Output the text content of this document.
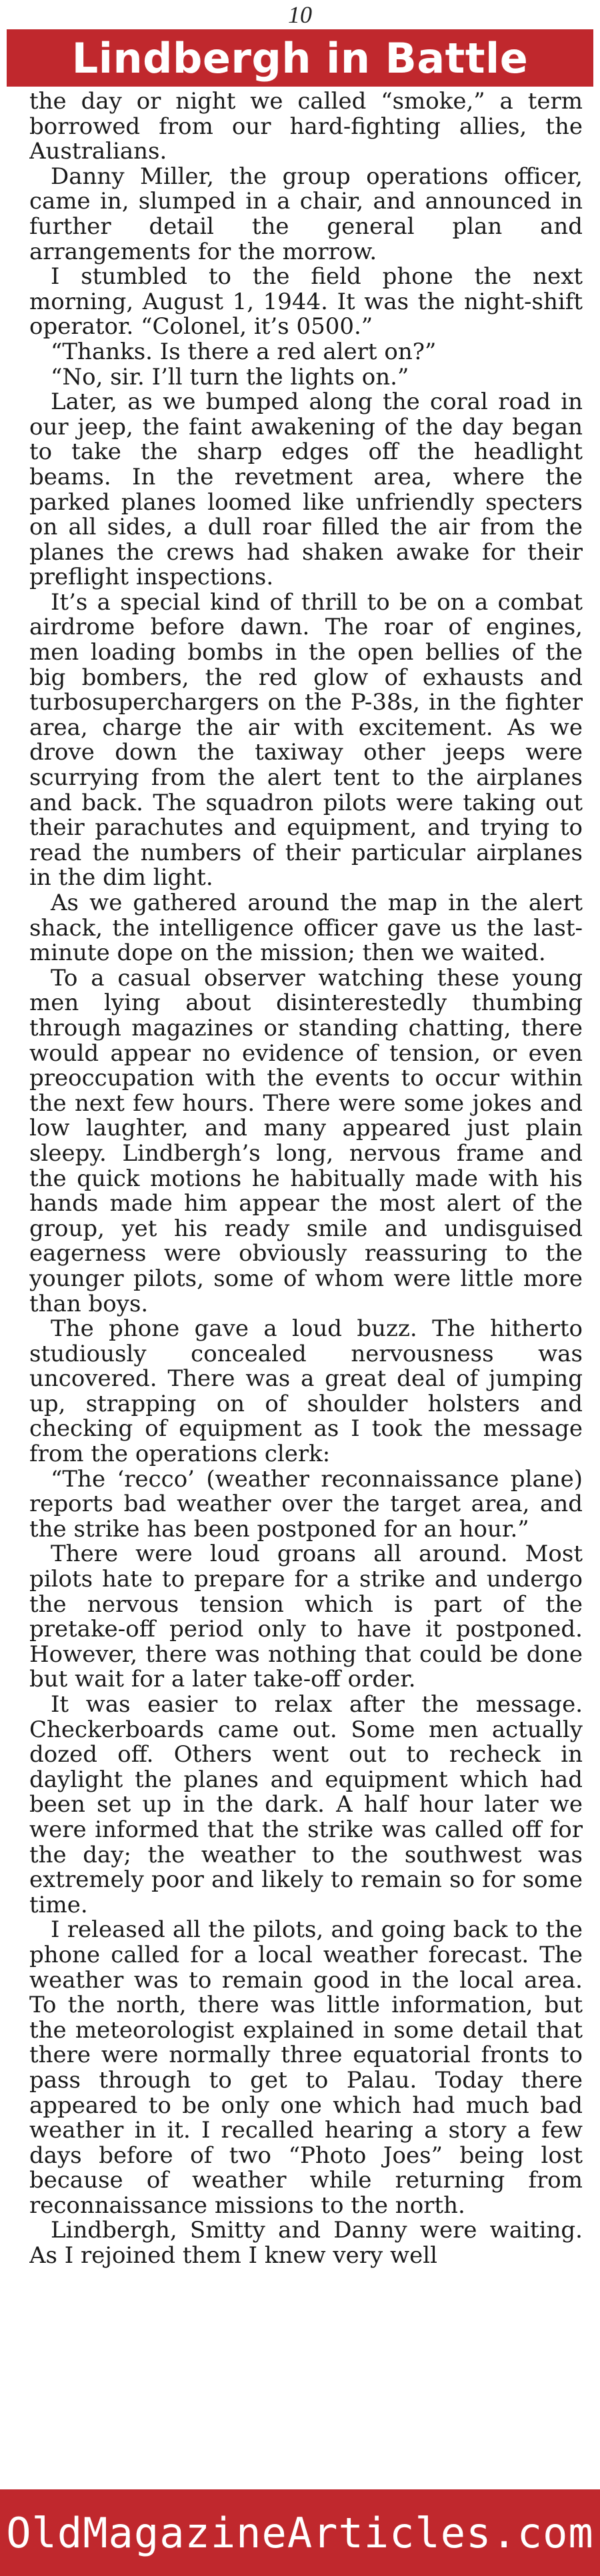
10
Lindbergh in Battle

the day or night we called “smoke,” a term borrowed from our hard-fighting allies, the Australians.

Danny Miller, the group operations officer, came in, slumped in a chair, and announced in further detail the general plan and arrangements for the morrow.

I stumbled to the field phone the next morning, August 1, 1944. It was the night-shift operator. “Colonel, it’s 0500.”

“Thanks. Is there a red alert on?”

“No, sir. I’ll turn the lights on.”

Later, as we bumped along the coral road in our jeep, the faint awakening of the day began to take the sharp edges off the headlight beams. In the revetment area, where the parked planes loomed like unfriendly specters on all sides, a dull roar filled the air from the planes the crews had shaken awake for their preflight inspections.

It’s a special kind of thrill to be on a combat airdrome before dawn. The roar of engines, men loading bombs in the open bellies of the big bombers, the red glow of exhausts and turbosuperchargers on the P-38s, in the fighter area, charge the air with excitement. As we drove down the taxiway other jeeps were scurrying from the alert tent to the airplanes and back. The squadron pilots were taking out their parachutes and equipment, and trying to read the numbers of their particular airplanes in the dim light.

As we gathered around the map in the alert shack, the intelligence officer gave us the last-minute dope on the mission; then we waited.

To a casual observer watching these young men lying about disinterestedly thumbing through magazines or standing chatting, there would appear no evidence of tension, or even preoccupation with the events to occur within the next few hours. There were some jokes and low laughter, and many appeared just plain sleepy. Lindbergh’s long, nervous frame and the quick motions he habitually made with his hands made him appear the most alert of the group, yet his ready smile and undisguised eagerness were obviously reassuring to the younger pilots, some of whom were little more than boys.

The phone gave a loud buzz. The hitherto studiously concealed nervousness was uncovered. There was a great deal of jumping up, strapping on of shoulder holsters and checking of equipment as I took the message from the operations clerk:

“The ‘recco’ (weather reconnaissance plane) reports bad weather over the target area, and the strike has been postponed for an hour.”

There were loud groans all around. Most pilots hate to prepare for a strike and undergo the nervous tension which is part of the pretake-off period only to have it postponed. However, there was nothing that could be done but wait for a later take-off order.

It was easier to relax after the message. Checkerboards came out. Some men actually dozed off. Others went out to recheck in daylight the planes and equipment which had been set up in the dark. A half hour later we were informed that the strike was called off for the day; the weather to the southwest was extremely poor and likely to remain so for some time.

I released all the pilots, and going back to the phone called for a local weather forecast. The weather was to remain good in the local area. To the north, there was little information, but the meteorologist explained in some detail that there were normally three equatorial fronts to pass through to get to Palau. Today there appeared to be only one which had much bad weather in it. I recalled hearing a story a few days before of two “Photo Joes” being lost because of weather while returning from reconnaissance missions to the north.

Lindbergh, Smitty and Danny were waiting. As I rejoined them I knew very well

OldMagazineArticles.com
